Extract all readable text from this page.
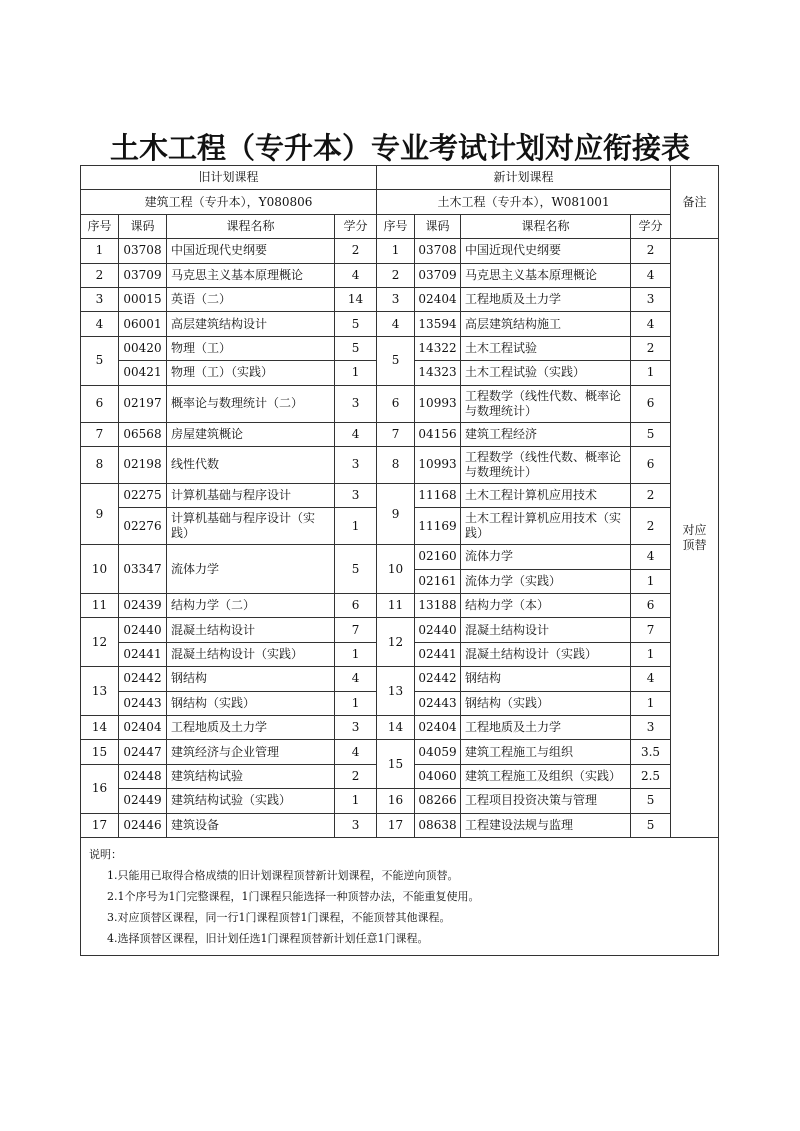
土木工程（专升本）专业考试计划对应衔接表
旧计划课程				新计划课程				备注	
建筑工程（专升本），Y080806				土木工程（专升本），W081001					
序号	课码	课程名称	学分	序号	课码	课程名称	学分		
1	03708	中国近现代史纲要	2	1	03708	中国近现代史纲要	2	对应
顶替	
2	03709	马克思主义基本原理概论	4	2	03709	马克思主义基本原理概论	4		
3	00015	英语（二）	14	3	02404	工程地质及土力学	3		
4	06001	高层建筑结构设计	5	4	13594	高层建筑结构施工	4		
5	00420	物理（工）	5	5	14322	土木工程试验	2		
	00421	物理（工）（实践）	1		14323	土木工程试验（实践）	1		
6	02197	概率论与数理统计（二）	3	6	10993	工程数学（线性代数、概率论与数理统计）	6		
7	06568	房屋建筑概论	4	7	04156	建筑工程经济	5		
8	02198	线性代数	3	8	10993	工程数学（线性代数、概率论与数理统计）	6		
9	02275	计算机基础与程序设计	3	9	11168	土木工程计算机应用技术	2		
	02276	计算机基础与程序设计（实践）	1		11169	土木工程计算机应用技术（实践）	2		
10	03347	流体力学	5	10	02160	流体力学	4		
					02161	流体力学（实践）	1		
11	02439	结构力学（二）	6	11	13188	结构力学（本）	6		
12	02440	混凝土结构设计	7	12	02440	混凝土结构设计	7		
	02441	混凝土结构设计（实践）	1		02441	混凝土结构设计（实践）	1		
13	02442	钢结构	4	13	02442	钢结构	4		
	02443	钢结构（实践）	1		02443	钢结构（实践）	1		
14	02404	工程地质及土力学	3	14	02404	工程地质及土力学	3		
15	02447	建筑经济与企业管理	4	15	04059	建筑工程施工与组织	3.5	

16	02448	建筑结构试验	2		04060	建筑工程施工及组织（实践）	2.5		
	02449	建筑结构试验（实践）	1	16	08266	工程项目投资决策与管理	5		
17	02446	建筑设备	3	17	08638	工程建设法规与监理	5		

说明：

1.只能用已取得合格成绩的旧计划课程顶替新计划课程，不能逆向顶替。

2.1个序号为1门完整课程，1门课程只能选择一种顶替办法，不能重复使用。

3.对应顶替区课程，同一行1门课程顶替1门课程，不能顶替其他课程。

4.选择顶替区课程，旧计划任选1门课程顶替新计划任意1门课程。									
